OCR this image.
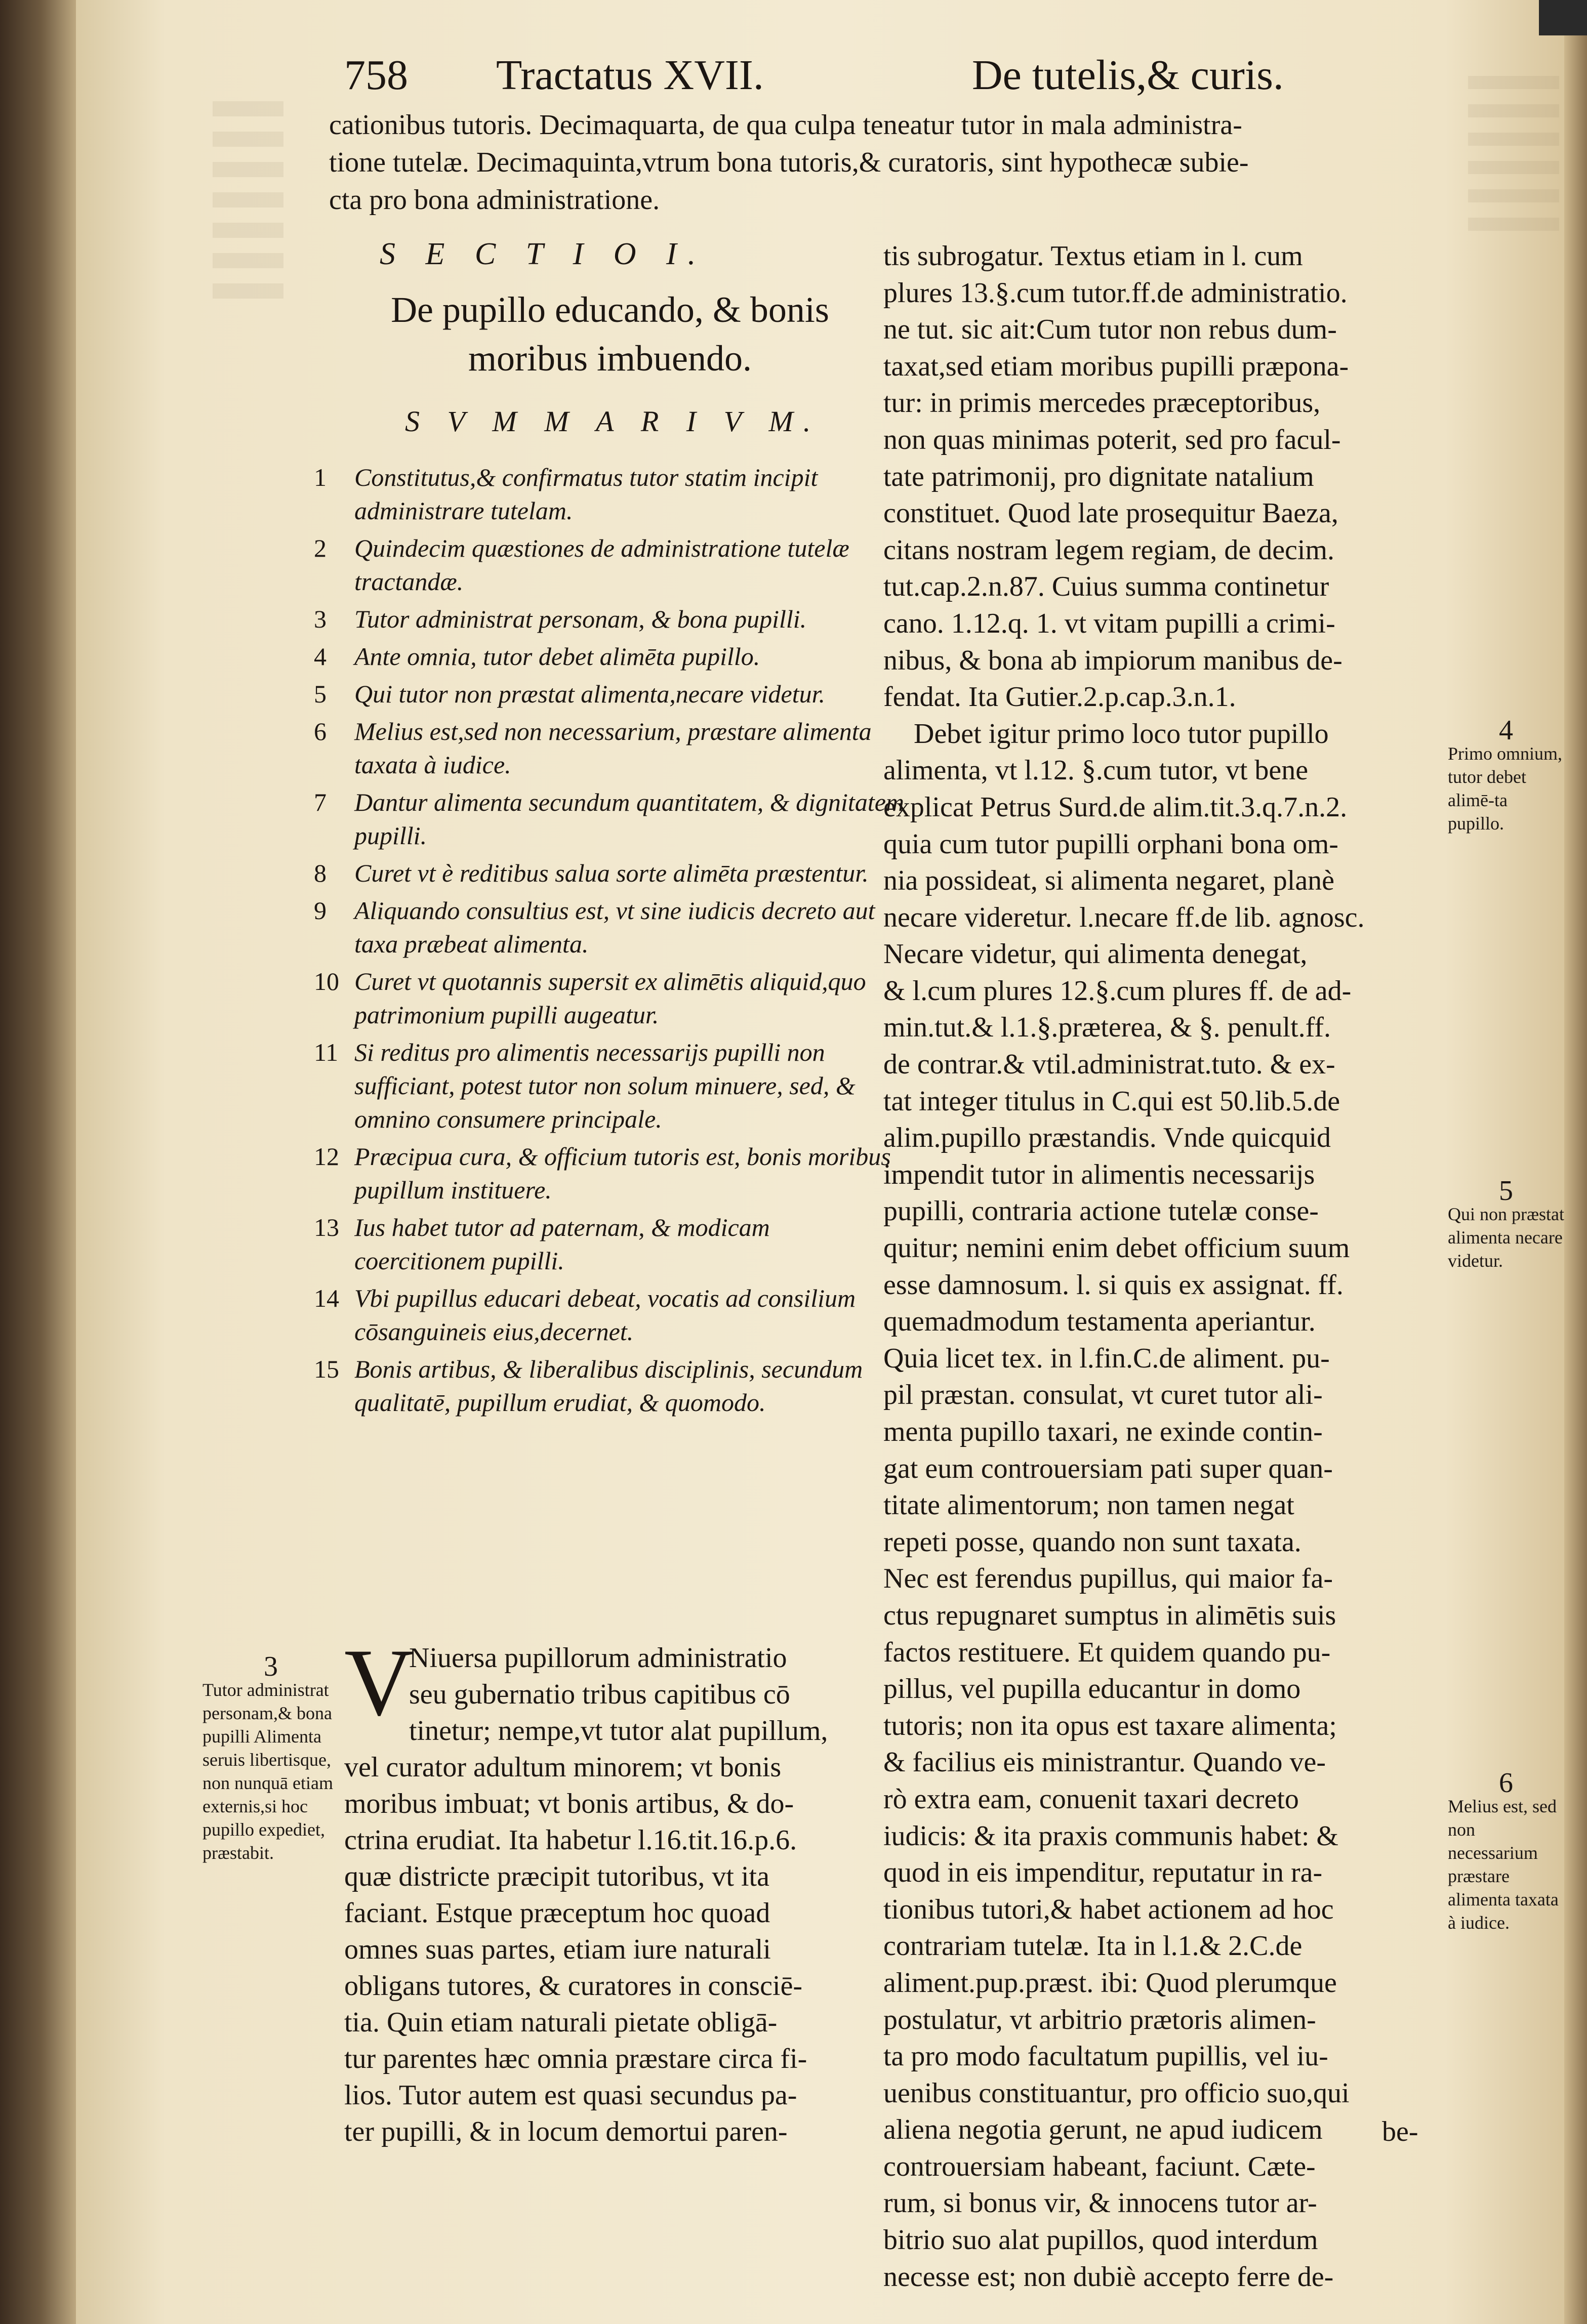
758 Tractatus XVII.	De tutelis,& curis.
cationibus tutoris. Decimaquarta, de qua culpa teneatur tutor in mala administra-
tione tutelæ. Decimaquinta,vtrum bona tutoris,& curatoris, sint hypothecæ subie-
cta pro bona administratione.
S E C T I O I.
De pupillo educando, & bonis
moribus imbuendo.
S V M M A R I V M.
1	Constitutus,& confirmatus tutor statim incipit administrare tutelam.
2	Quindecim quæstiones de administratione tutelæ tractandæ.
3	Tutor administrat personam, & bona pupilli.
4	Ante omnia, tutor debet alimēta pupillo.
5	Qui tutor non præstat alimenta,necare videtur.
6	Melius est,sed non necessarium, præstare alimenta taxata à iudice.
7	Dantur alimenta secundum quantitatem, & dignitatem pupilli.
8	Curet vt è reditibus salua sorte alimēta præstentur.
9	Aliquando consultius est, vt sine iudicis decreto aut taxa præbeat alimenta.
10 Curet vt quotannis supersit ex alimētis aliquid,quo patrimonium pupilli augeatur.
11 Si reditus pro alimentis necessarijs pupilli non sufficiant, potest tutor non solum minuere, sed, & omnino consumere principale.
12 Præcipua cura, & officium tutoris est, bonis moribus pupillum instituere.
13 Ius habet tutor ad paternam, & modicam coercitionem pupilli.
14 Vbi pupillus educari debeat, vocatis ad consilium cōsanguineis eius,decernet.
15 Bonis artibus, & liberalibus disciplinis, secundum qualitatē, pupillum erudiat, & quomodo.
V
Niuersa pupillorum administratio
seu gubernatio tribus capitibus cō
tinetur; nempe,vt tutor alat pupillum,
vel curator adultum minorem; vt bonis
moribus imbuat; vt bonis artibus, & do-
ctrina erudiat. Ita habetur l.16.tit.16.p.6.
quæ districte præcipit tutoribus, vt ita
faciant. Estque præceptum hoc quoad
omnes suas partes, etiam iure naturali
obligans tutores, & curatores in consciē-
tia. Quin etiam naturali pietate obligā-
tur parentes hæc omnia præstare circa fi-
lios. Tutor autem est quasi secundus pa-
ter pupilli, & in locum demortui paren-
tis subrogatur. Textus etiam in l. cum
plures 13.§.cum tutor.ff.de administratio.
ne tut. sic ait:Cum tutor non rebus dum-
taxat,sed etiam moribus pupilli præpona-
tur: in primis mercedes præceptoribus,
non quas minimas poterit, sed pro facul-
tate patrimonij, pro dignitate natalium
constituet. Quod late prosequitur Baeza,
citans nostram legem regiam, de decim.
tut.cap.2.n.87. Cuius summa continetur
cano. 1.12.q. 1. vt vitam pupilli a crimi-
nibus, & bona ab impiorum manibus de-
fendat. Ita Gutier.2.p.cap.3.n.1.
Debet igitur primo loco tutor pupillo
alimenta, vt l.12. §.cum tutor, vt bene
explicat Petrus Surd.de alim.tit.3.q.7.n.2.
quia cum tutor pupilli orphani bona om-
nia possideat, si alimenta negaret, planè
necare videretur. l.necare ff.de lib. agnosc.
Necare videtur, qui alimenta denegat,
& l.cum plures 12.§.cum plures ff. de ad-
min.tut.& l.1.§.præterea, & §. penult.ff.
de contrar.& vtil.administrat.tuto. & ex-
tat integer titulus in C.qui est 50.lib.5.de
alim.pupillo præstandis. Vnde quicquid
impendit tutor in alimentis necessarijs
pupilli, contraria actione tutelæ conse-
quitur; nemini enim debet officium suum
esse damnosum. l. si quis ex assignat. ff.
quemadmodum testamenta aperiantur.
Quia licet tex. in l.fin.C.de aliment. pu-
pil præstan. consulat, vt curet tutor ali-
menta pupillo taxari, ne exinde contin-
gat eum controuersiam pati super quan-
titate alimentorum; non tamen negat
repeti posse, quando non sunt taxata.
Nec est ferendus pupillus, qui maior fa-
ctus repugnaret sumptus in alimētis suis
factos restituere. Et quidem quando pu-
pillus, vel pupilla educantur in domo
tutoris; non ita opus est taxare alimenta;
& facilius eis ministrantur. Quando ve-
rò extra eam, conuenit taxari decreto
iudicis: & ita praxis communis habet: &
quod in eis impenditur, reputatur in ra-
tionibus tutori,& habet actionem ad hoc
contrariam tutelæ. Ita in l.1.& 2.C.de
aliment.pup.præst. ibi: Quod plerumque
postulatur, vt arbitrio prætoris alimen-
ta pro modo facultatum pupillis, vel iu-
uenibus constituantur, pro officio suo,qui
aliena negotia gerunt, ne apud iudicem
controuersiam habeant, faciunt. Cæte-
rum, si bonus vir, & innocens tutor ar-
bitrio suo alat pupillos, quod interdum
necesse est; non dubiè accepto ferre de-
3
Tutor administrat personam,& bona pupilli Alimenta seruis libertisque, non nunquā etiam externis,si hoc pupillo expediet, præstabit.
4
Primo omnium, tutor debet alimē-ta pupillo.
5
Qui non præstat alimenta necare videtur.
6
Melius est, sed non necessarium præstare alimenta taxata à iudice.
be-
